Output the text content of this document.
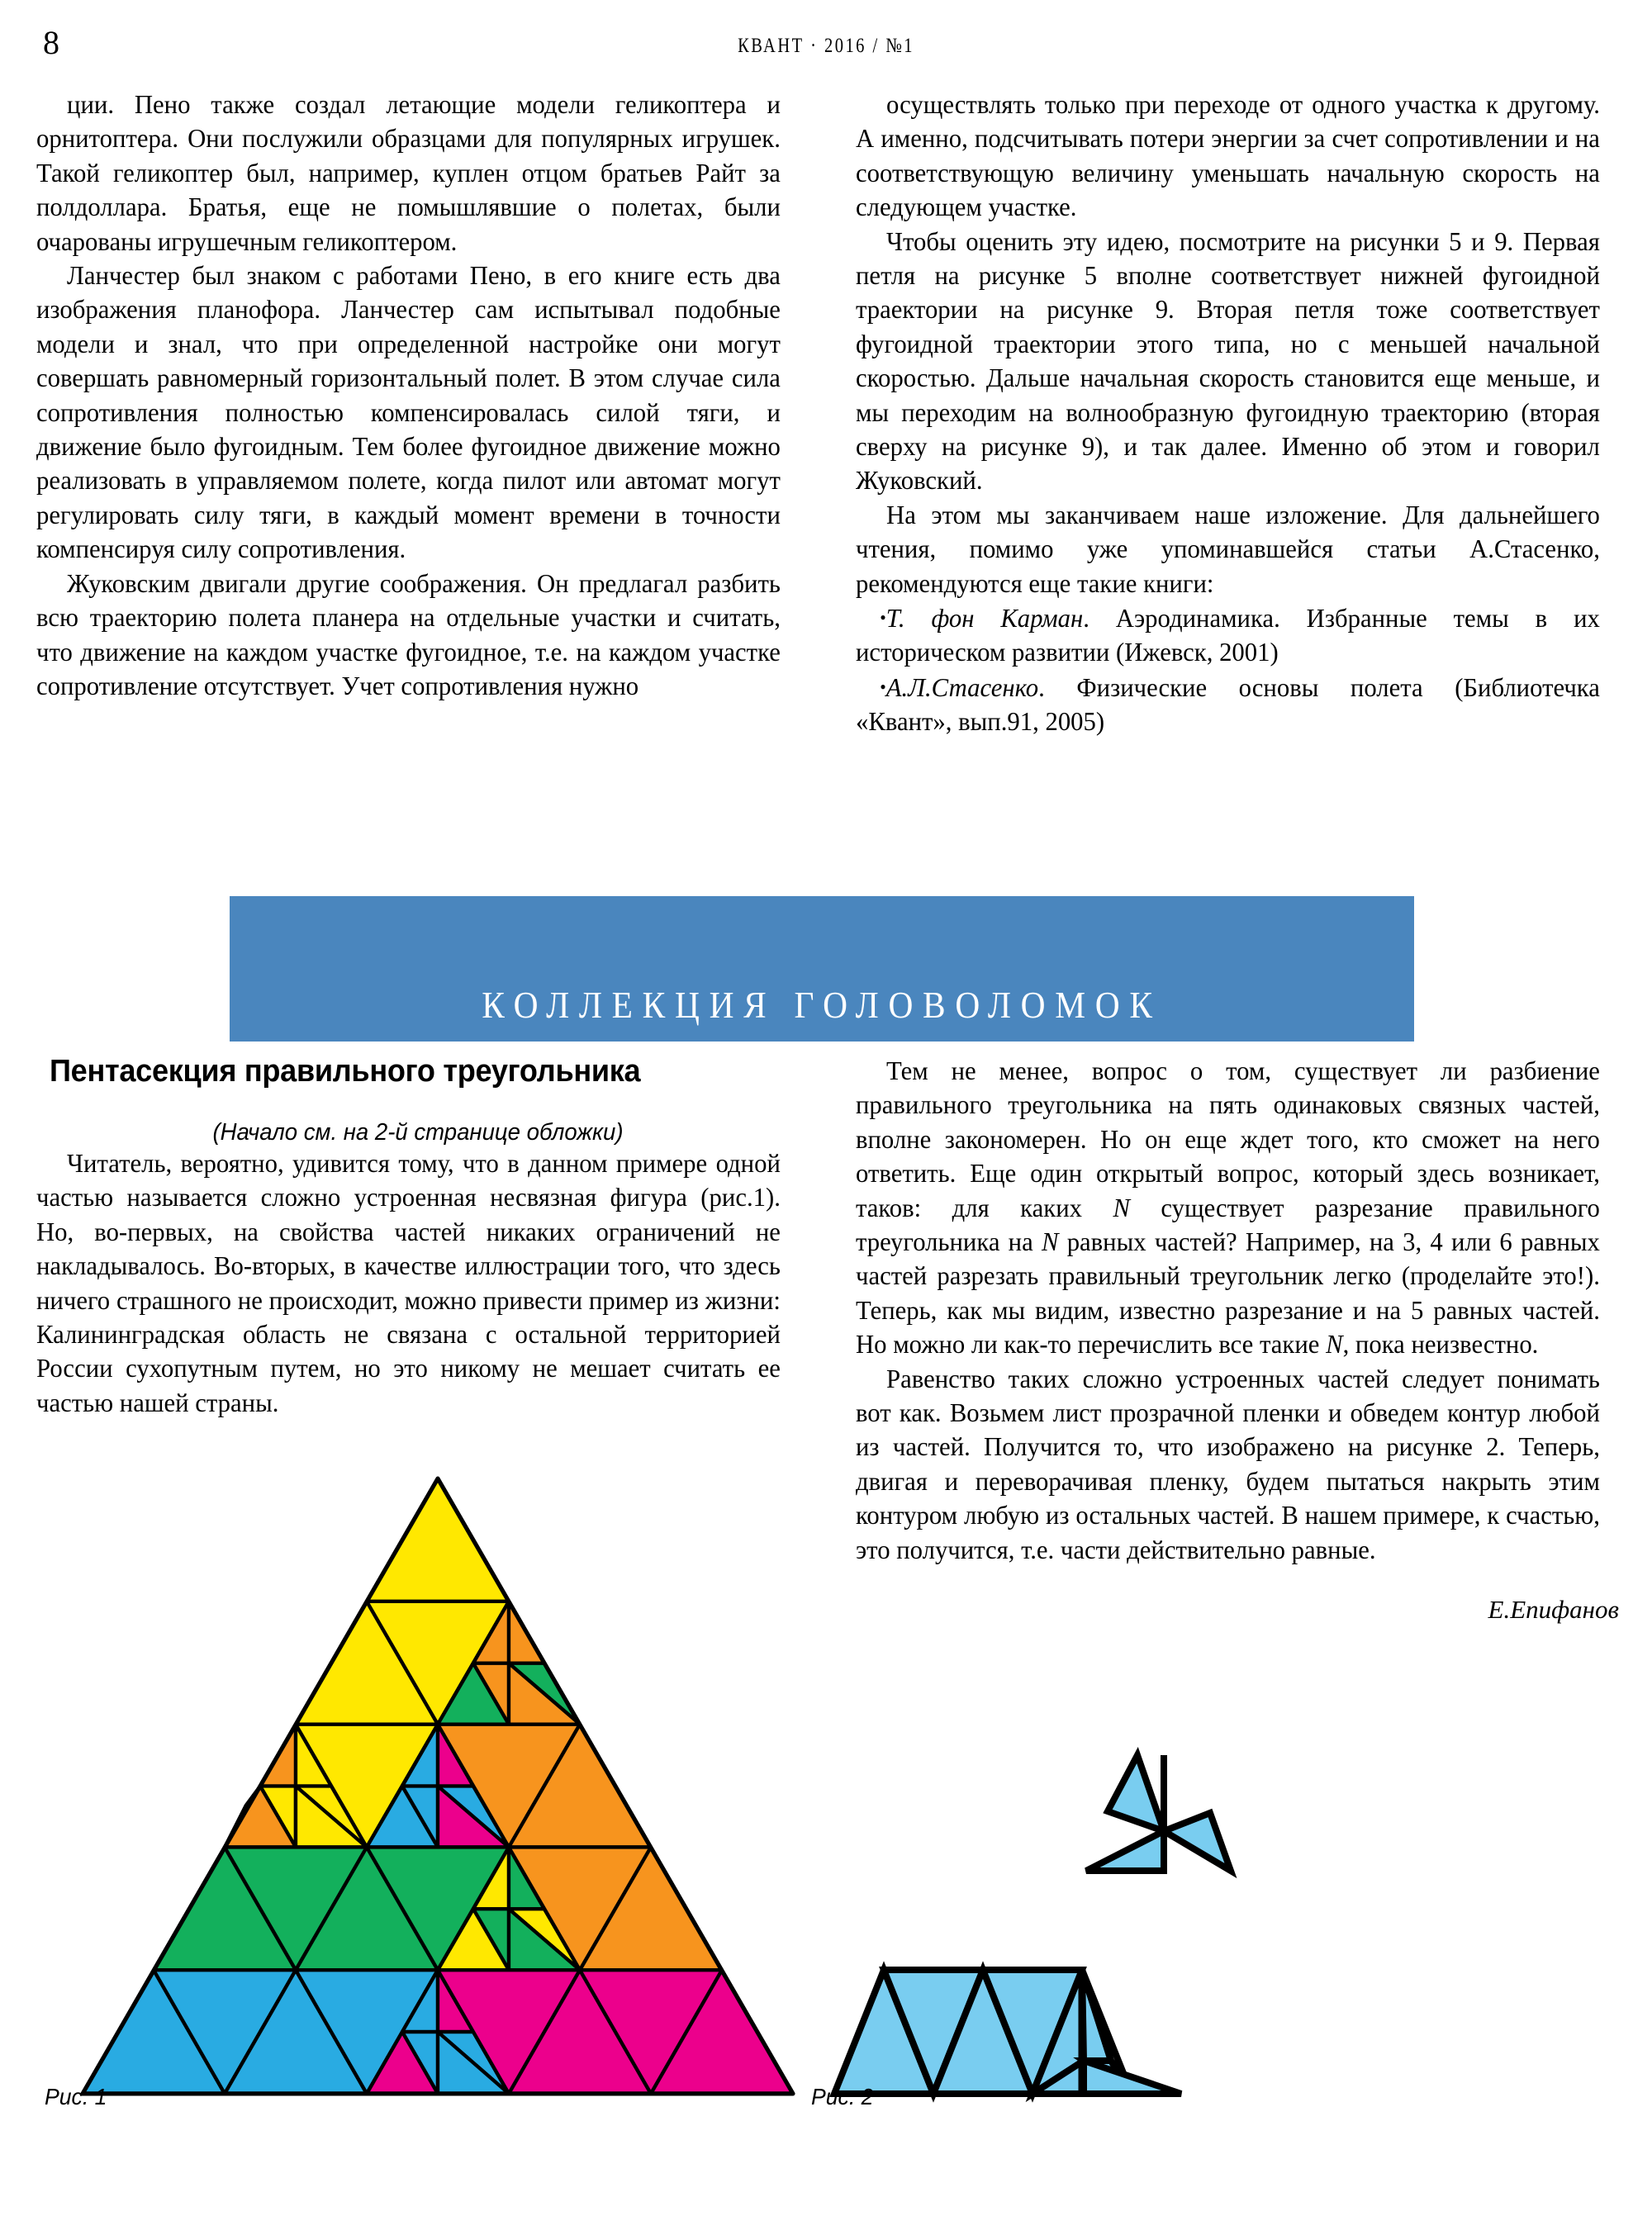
8	КВАНТ · 2016 / №1

ции. Пено также создал летающие модели геликоптера и орнитоптера. Они послужили образцами для популярных игрушек. Такой геликоптер был, например, куплен отцом братьев Райт за полдоллара. Братья, еще не помышлявшие о полетах, были очарованы игрушечным геликоптером.

Ланчестер был знаком с работами Пено, в его книге есть два изображения планофора. Ланчестер сам испытывал подобные модели и знал, что при определенной настройке они могут совершать равномерный горизонтальный полет. В этом случае сила сопротивления полностью компенсировалась силой тяги, и движение было фугоидным. Тем более фугоидное движение можно реализовать в управляемом полете, когда пилот или автомат могут регулировать силу тяги, в каждый момент времени в точности компенсируя силу сопротивления.

Жуковским двигали другие соображения. Он предлагал разбить всю траекторию полета планера на отдельные участки и считать, что движение на каждом участке фугоидное, т.е. на каждом участке сопротивление отсутствует. Учет сопротивления нужно

осуществлять только при переходе от одного участка к другому. А именно, подсчитывать потери энергии за счет сопротивлении и на соответствующую величину уменьшать начальную скорость на следующем участке.

Чтобы оценить эту идею, посмотрите на рисунки 5 и 9. Первая петля на рисунке 5 вполне соответствует нижней фугоидной траектории на рисунке 9. Вторая петля тоже соответствует фугоидной траектории этого типа, но с меньшей начальной скоростью. Дальше начальная скорость становится еще меньше, и мы переходим на волнообразную фугоидную траекторию (вторая сверху на рисунке 9), и так далее. Именно об этом и говорил Жуковский.

На этом мы заканчиваем наше изложение. Для дальнейшего чтения, помимо уже упоминавшейся статьи А.Стасенко, рекомендуются еще такие книги:

•Т. фон Карман. Аэродинамика. Избранные темы в их историческом развитии (Ижевск, 2001)

•А.Л.Стасенко. Физические основы полета (Библиотечка «Квант», вып.91, 2005)

КОЛЛЕКЦИЯ ГОЛОВОЛОМОК
Пентасекция правильного треугольника
(Начало см. на 2-й странице обложки)

Читатель, вероятно, удивится тому, что в данном примере одной частью называется сложно устроенная несвязная фигура (рис.1). Но, во-первых, на свойства частей никаких ограничений не накладывалось. Во-вторых, в качестве иллюстрации того, что здесь ничего страшного не происходит, можно привести пример из жизни: Калининградская область не связана с остальной территорией России сухопутным путем, но это никому не мешает считать ее частью нашей страны.

Тем не менее, вопрос о том, существует ли разбиение правильного треугольника на пять одинаковых связных частей, вполне закономерен. Но он еще ждет того, кто сможет на него ответить. Еще один открытый вопрос, который здесь возникает, таков: для каких N существует разрезание правильного треугольника на N равных частей? Например, на 3, 4 или 6 равных частей разрезать правильный треугольник легко (проделайте это!). Теперь, как мы видим, известно разрезание и на 5 равных частей. Но можно ли как-то перечислить все такие N, пока неизвестно.

Равенство таких сложно устроенных частей следует понимать вот как. Возьмем лист прозрачной пленки и обведем контур любой из частей. Получится то, что изображено на рисунке 2. Теперь, двигая и переворачивая пленку, будем пытаться накрыть этим контуром любую из остальных частей. В нашем примере, к счастью, это получится, т.е. части действительно равные.

Е.Епифанов

Рис. 1	Рис. 2
